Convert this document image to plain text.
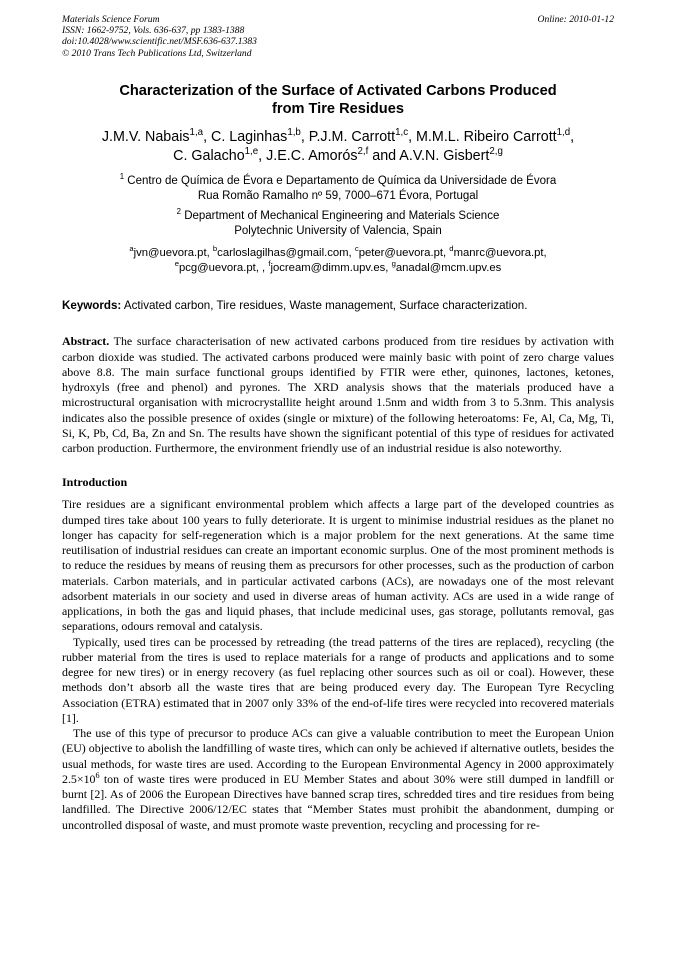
Materials Science Forum
ISSN: 1662-9752, Vols. 636-637, pp 1383-1388
doi:10.4028/www.scientific.net/MSF.636-637.1383
© 2010 Trans Tech Publications Ltd, Switzerland
Online: 2010-01-12
Characterization of the Surface of Activated Carbons Produced
from Tire Residues
J.M.V. Nabais$^{1,a}$, C. Laginhas$^{1,b}$, P.J.M. Carrott$^{1,c}$, M.M.L. Ribeiro Carrott$^{1,d}$,
C. Galacho$^{1,e}$, J.E.C. Amorós$^{2,f}$ and A.V.N. Gisbert$^{2,g}$
$^1$ Centro de Química de Évora e Departamento de Química da Universidade de Évora
Rua Romão Ramalho nº 59, 7000–671 Évora, Portugal
$^2$ Department of Mechanical Engineering and Materials Science
Polytechnic University of Valencia, Spain
$^a$jvn@uevora.pt, $^b$carloslagilhas@gmail.com, $^c$peter@uevora.pt, $^d$manrc@uevora.pt,
$^e$pcg@uevora.pt, , $^f$jocream@dimm.upv.es, $^g$anadal@mcm.upv.es
Keywords: Activated carbon, Tire residues, Waste management, Surface characterization.
Abstract. The surface characterisation of new activated carbons produced from tire residues by activation with carbon dioxide was studied. The activated carbons produced were mainly basic with point of zero charge values above 8.8. The main surface functional groups identified by FTIR were ether, quinones, lactones, ketones, hydroxyls (free and phenol) and pyrones. The XRD analysis shows that the materials produced have a microstructural organisation with microcrystallite height around 1.5nm and width from 3 to 5.3nm. This analysis indicates also the possible presence of oxides (single or mixture) of the following heteroatoms: Fe, Al, Ca, Mg, Ti, Si, K, Pb, Cd, Ba, Zn and Sn. The results have shown the significant potential of this type of residues for activated carbon production. Furthermore, the environment friendly use of an industrial residue is also noteworthy.
Introduction

Tire residues are a significant environmental problem which affects a large part of the developed countries as dumped tires take about 100 years to fully deteriorate. It is urgent to minimise industrial residues as the planet no longer has capacity for self-regeneration which is a major problem for the next generations. At the same time reutilisation of industrial residues can create an important economic surplus. One of the most prominent methods is to reduce the residues by means of reusing them as precursors for other processes, such as the production of carbon materials. Carbon materials, and in particular activated carbons (ACs), are nowadays one of the most relevant adsorbent materials in our society and used in diverse areas of human activity. ACs are used in a wide range of applications, in both the gas and liquid phases, that include medicinal uses, gas storage, pollutants removal, gas separations, odours removal and catalysis.

Typically, used tires can be processed by retreading (the tread patterns of the tires are replaced), recycling (the rubber material from the tires is used to replace materials for a range of products and applications and to some degree for new tires) or in energy recovery (as fuel replacing other sources such as oil or coal). However, these methods don’t absorb all the waste tires that are being produced every day. The European Tyre Recycling Association (ETRA) estimated that in 2007 only 33% of the end-of-life tires were recycled into recovered materials [1].

The use of this type of precursor to produce ACs can give a valuable contribution to meet the European Union (EU) objective to abolish the landfilling of waste tires, which can only be achieved if alternative outlets, besides the usual methods, for waste tires are used. According to the European Environmental Agency in 2000 approximately $2.5\times 10^6$ ton of waste tires were produced in EU Member States and about 30% were still dumped in landfill or burnt [2]. As of 2006 the European Directives have banned scrap tires, schredded tires and tire residues from being landfilled. The Directive 2006/12/EC states that “Member States must prohibit the abandonment, dumping or uncontrolled disposal of waste, and must promote waste prevention, recycling and processing for re-
